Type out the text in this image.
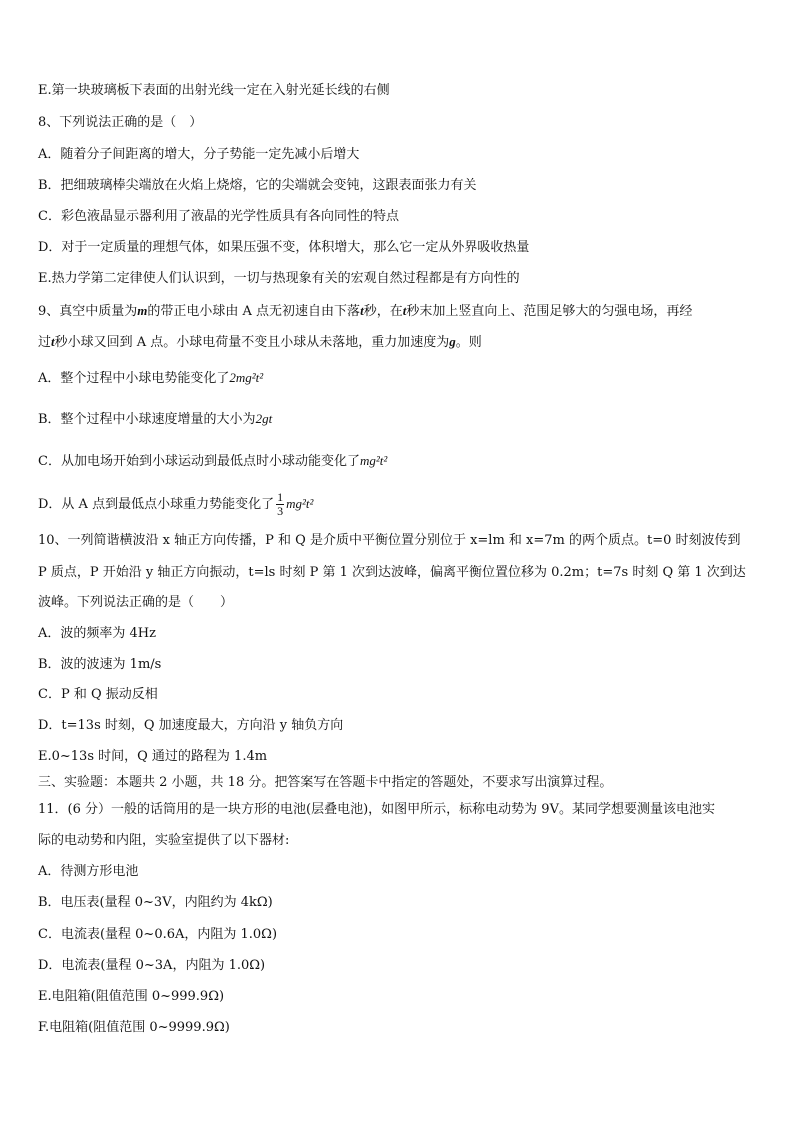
E.第一块玻璃板下表面的出射光线一定在入射光延长线的右侧
8、下列说法正确的是（　）
A．随着分子间距离的增大，分子势能一定先减小后增大
B．把细玻璃棒尖端放在火焰上烧熔，它的尖端就会变钝，这跟表面张力有关
C．彩色液晶显示器利用了液晶的光学性质具有各向同性的特点
D．对于一定质量的理想气体，如果压强不变，体积增大，那么它一定从外界吸收热量
E.热力学第二定律使人们认识到，一切与热现象有关的宏观自然过程都是有方向性的
9、真空中质量为m的带正电小球由 A 点无初速自由下落t秒，在t秒末加上竖直向上、范围足够大的匀强电场，再经
过t秒小球又回到 A 点。小球电荷量不变且小球从未落地，重力加速度为g。则
A．整个过程中小球电势能变化了2mg²t²
B．整个过程中小球速度增量的大小为2gt
C．从加电场开始到小球运动到最低点时小球动能变化了mg²t²
D．从 A 点到最低点小球重力势能变化了 $\frac{1}{3} mg^2t^2$
10、一列简谐横波沿 x 轴正方向传播，P 和 Q 是介质中平衡位置分别位于 x=lm 和 x=7m 的两个质点。t=0 时刻波传到
P 质点，P 开始沿 y 轴正方向振动，t=ls 时刻 P 第 1 次到达波峰，偏离平衡位置位移为 0.2m；t=7s 时刻 Q 第 1 次到达
波峰。下列说法正确的是（　　）
A．波的频率为 4Hz
B．波的波速为 1m/s
C．P 和 Q 振动反相
D．t=13s 时刻，Q 加速度最大，方向沿 y 轴负方向
E.0~13s 时间，Q 通过的路程为 1.4m
三、实验题：本题共 2 小题，共 18 分。把答案写在答题卡中指定的答题处，不要求写出演算过程。
11．(6 分）一般的话筒用的是一块方形的电池(层叠电池)，如图甲所示，标称电动势为 9V。某同学想要测量该电池实
际的电动势和内阻，实验室提供了以下器材:
A．待测方形电池
B．电压表(量程 0~3V，内阻约为 4kΩ)
C．电流表(量程 0~0.6A，内阻为 1.0Ω)
D．电流表(量程 0~3A，内阻为 1.0Ω)
E.电阻箱(阻值范围 0~999.9Ω)
F.电阻箱(阻值范围 0~9999.9Ω)
